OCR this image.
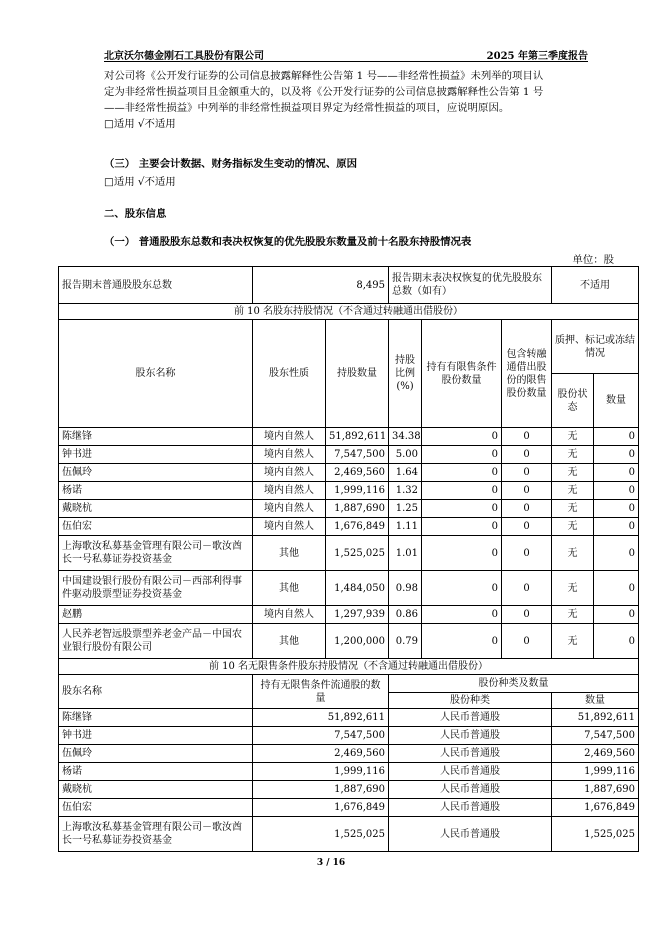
北京沃尔德金刚石工具股份有限公司	2025 年第三季度报告
对公司将《公开发行证券的公司信息披露解释性公告第 1 号——非经常性损益》未列举的项目认
定为非经常性损益项目且金额重大的，以及将《公开发行证券的公司信息披露解释性公告第 1 号
——非经常性损益》中列举的非经常性损益项目界定为经常性损益的项目，应说明原因。
□适用 √不适用
（三） 主要会计数据、财务指标发生变动的情况、原因
□适用 √不适用
二、股东信息
（一） 普通股股东总数和表决权恢复的优先股股东数量及前十名股东持股情况表
单位：股
报告期末普通股股东总数	8,495		报告期末表决权恢复的优先股股东总数（如有）			不适用	
前 10 名股东持股情况（不含通过转融通出借股份）							
股东名称	股东性质	持股数量	持股比例(%)	持有有限售条件股份数量	包含转融通借出股份的限售股份数量	质押、标记或冻结情况	
						股份状态	数量
陈继锋	境内自然人	51,892,611	34.38	0	0	无	0
钟书进	境内自然人	7,547,500	5.00	0	0	无	0
伍佩玲	境内自然人	2,469,560	1.64	0	0	无	0
杨诺	境内自然人	1,999,116	1.32	0	0	无	0
戴晓杭	境内自然人	1,887,690	1.25	0	0	无	0
伍伯宏	境内自然人	1,676,849	1.11	0	0	无	0
上海歌汝私募基金管理有限公司－歌汝酋长一号私募证券投资基金	其他	1,525,025	1.01	0	0	无	0
中国建设银行股份有限公司－西部利得事件驱动股票型证券投资基金	其他	1,484,050	0.98	0	0	无	0
赵鹏	境内自然人	1,297,939	0.86	0	0	无	0
人民养老智远股票型养老金产品－中国农业银行股份有限公司	其他	1,200,000	0.79	0	0	无	0
前 10 名无限售条件股东持股情况（不含通过转融通出借股份）							
股东名称	持有无限售条件流通股的数量		股份种类及数量				
			股份种类			数量	
陈继锋	51,892,611		人民币普通股			51,892,611	
钟书进	7,547,500		人民币普通股			7,547,500	
伍佩玲	2,469,560		人民币普通股			2,469,560	
杨诺	1,999,116		人民币普通股			1,999,116	
戴晓杭	1,887,690		人民币普通股			1,887,690	
伍伯宏	1,676,849		人民币普通股			1,676,849	
上海歌汝私募基金管理有限公司－歌汝酋长一号私募证券投资基金	1,525,025		人民币普通股			1,525,025	
3 / 16
